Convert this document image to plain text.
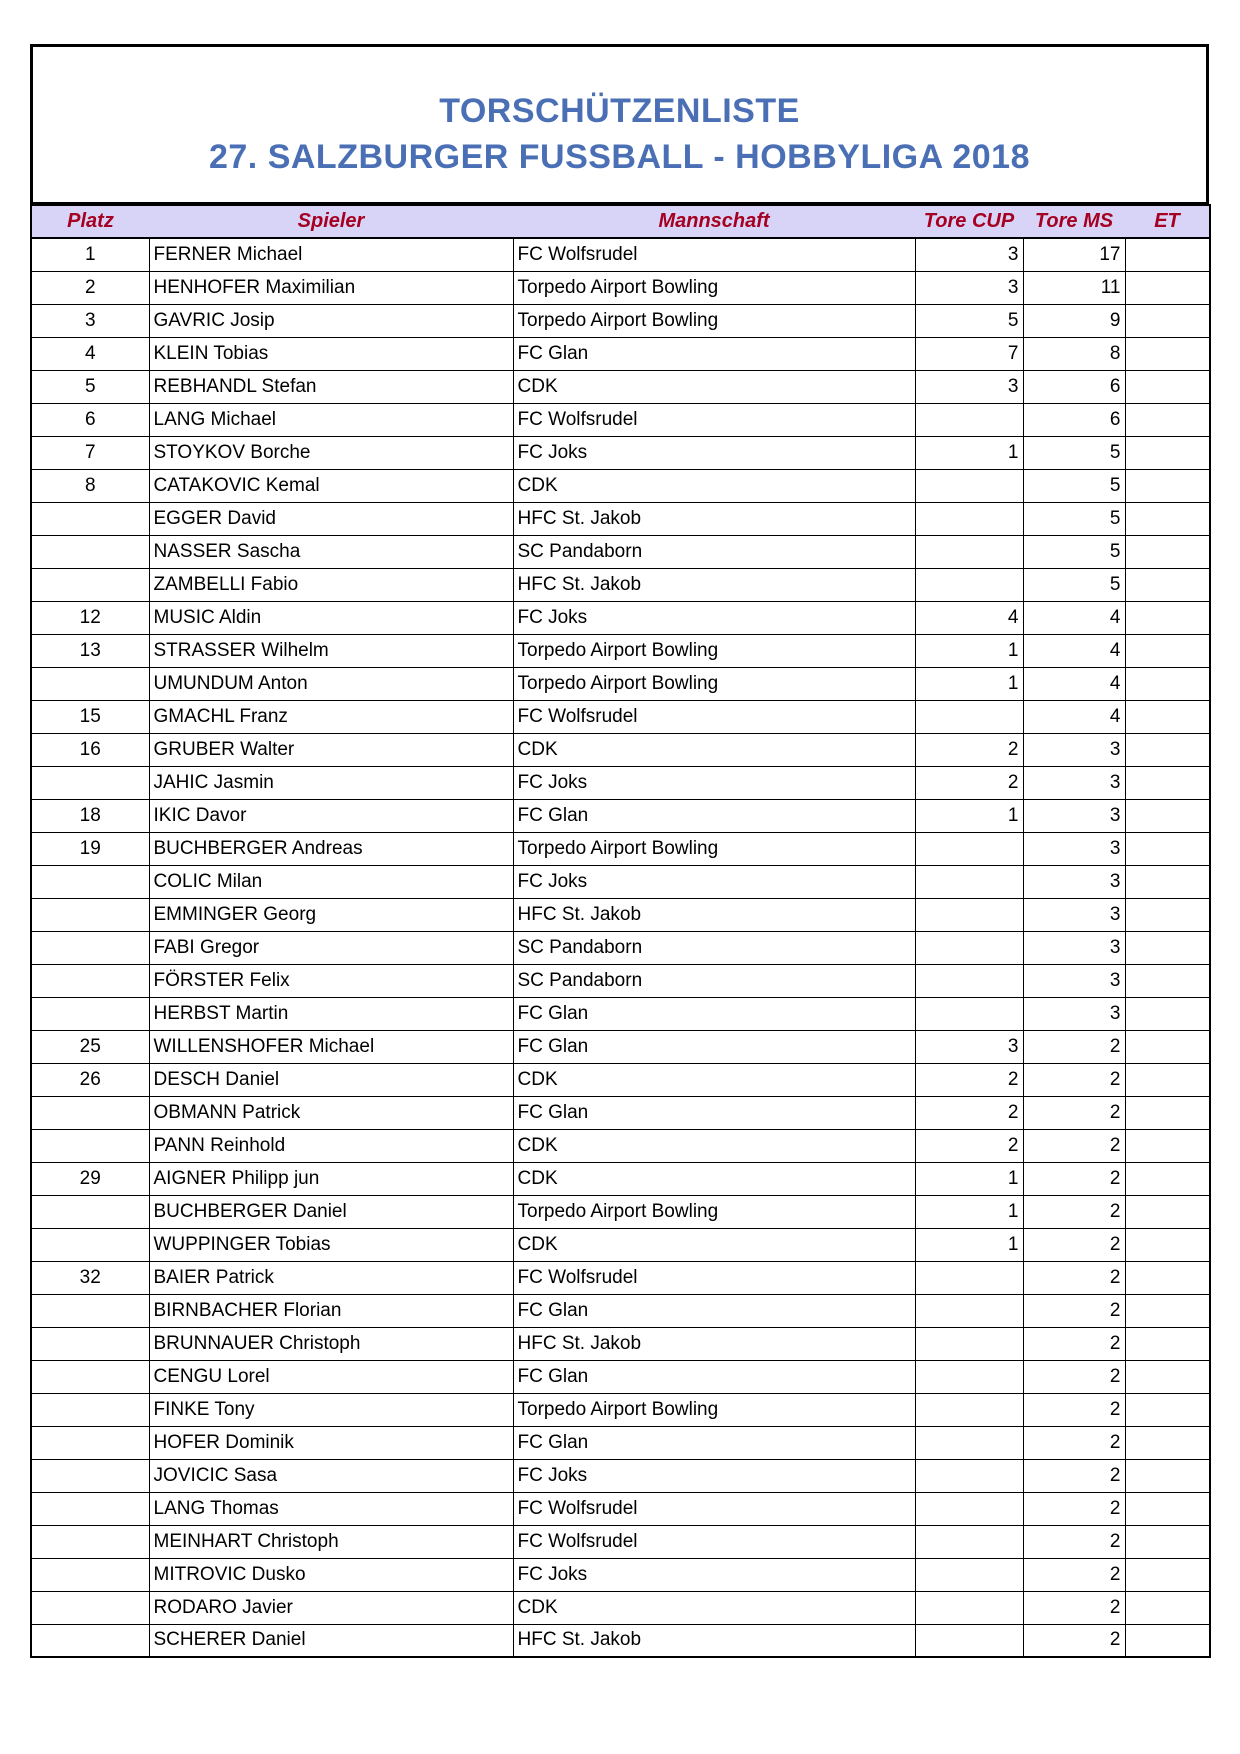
TORSCHÜTZENLISTE
27. SALZBURGER FUSSBALL - HOBBYLIGA 2018
Platz	Spieler	Mannschaft	Tore CUP	Tore MS	ET
1	FERNER Michael	FC Wolfsrudel	3	17	
2	HENHOFER Maximilian	Torpedo Airport Bowling	3	11	
3	GAVRIC Josip	Torpedo Airport Bowling	5	9	
4	KLEIN Tobias	FC Glan	7	8	
5	REBHANDL Stefan	CDK	3	6	
6	LANG Michael	FC Wolfsrudel		6	
7	STOYKOV Borche	FC Joks	1	5	
8	CATAKOVIC Kemal	CDK		5	
	EGGER David	HFC St. Jakob		5	
	NASSER Sascha	SC Pandaborn		5	
	ZAMBELLI Fabio	HFC St. Jakob		5	
12	MUSIC Aldin	FC Joks	4	4	
13	STRASSER Wilhelm	Torpedo Airport Bowling	1	4	
	UMUNDUM Anton	Torpedo Airport Bowling	1	4	
15	GMACHL Franz	FC Wolfsrudel		4	
16	GRUBER Walter	CDK	2	3	
	JAHIC Jasmin	FC Joks	2	3	
18	IKIC Davor	FC Glan	1	3	
19	BUCHBERGER Andreas	Torpedo Airport Bowling		3	
	COLIC Milan	FC Joks		3	
	EMMINGER Georg	HFC St. Jakob		3	
	FABI Gregor	SC Pandaborn		3	
	FÖRSTER Felix	SC Pandaborn		3	
	HERBST Martin	FC Glan		3	
25	WILLENSHOFER Michael	FC Glan	3	2	
26	DESCH Daniel	CDK	2	2	
	OBMANN Patrick	FC Glan	2	2	
	PANN Reinhold	CDK	2	2	
29	AIGNER Philipp jun	CDK	1	2	
	BUCHBERGER Daniel	Torpedo Airport Bowling	1	2	
	WUPPINGER Tobias	CDK	1	2	
32	BAIER Patrick	FC Wolfsrudel		2	
	BIRNBACHER Florian	FC Glan		2	
	BRUNNAUER Christoph	HFC St. Jakob		2	
	CENGU Lorel	FC Glan		2	
	FINKE Tony	Torpedo Airport Bowling		2	
	HOFER Dominik	FC Glan		2	
	JOVICIC Sasa	FC Joks		2	
	LANG Thomas	FC Wolfsrudel		2	
	MEINHART Christoph	FC Wolfsrudel		2	
	MITROVIC Dusko	FC Joks		2	
	RODARO Javier	CDK		2	
	SCHERER Daniel	HFC St. Jakob		2	
